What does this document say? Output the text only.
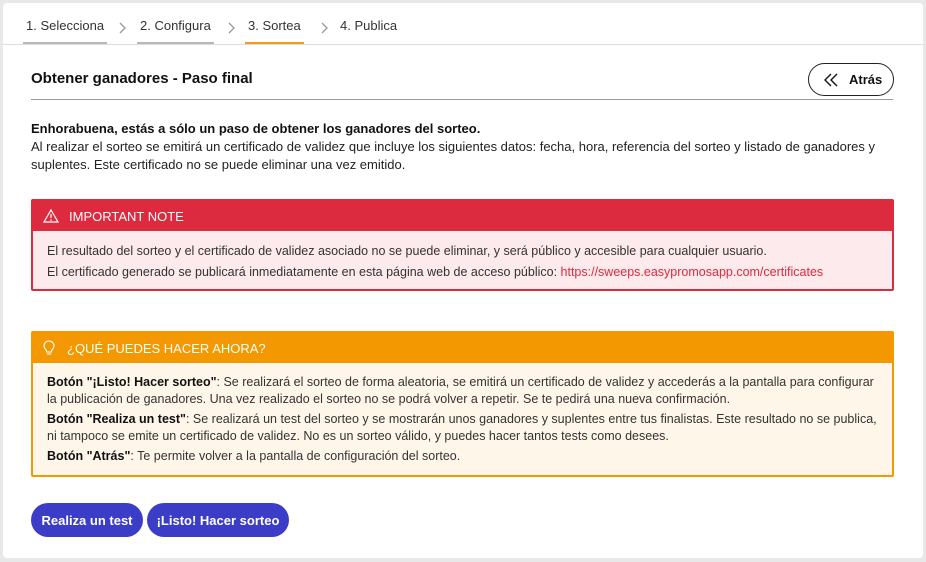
1. Selecciona	2. Configura	3. Sortea	4. Publica
Obtener ganadores - Paso final	Atrás
Enhorabuena, estás a sólo un paso de obtener los ganadores del sorteo.
Al realizar el sorteo se emitirá un certificado de validez que incluye los siguientes datos: fecha, hora, referencia del sorteo y listado de ganadores y suplentes. Este certificado no se puede eliminar una vez emitido.
IMPORTANT NOTE
El resultado del sorteo y el certificado de validez asociado no se puede eliminar, y será público y accesible para cualquier usuario.
El certificado generado se publicará inmediatamente en esta página web de acceso público: https://sweeps.easypromosapp.com/certificates
¿QUÉ PUEDES HACER AHORA?

Botón "¡Listo! Hacer sorteo": Se realizará el sorteo de forma aleatoria, se emitirá un certificado de validez y accederás a la pantalla para configurar la publicación de ganadores. Una vez realizado el sorteo no se podrá volver a repetir. Se te pedirá una nueva confirmación.

Botón "Realiza un test": Se realizará un test del sorteo y se mostrarán unos ganadores y suplentes entre tus finalistas. Este resultado no se publica, ni tampoco se emite un certificado de validez. No es un sorteo válido, y puedes hacer tantos tests como desees.

Botón "Atrás": Te permite volver a la pantalla de configuración del sorteo.

Realiza un test	¡Listo! Hacer sorteo
